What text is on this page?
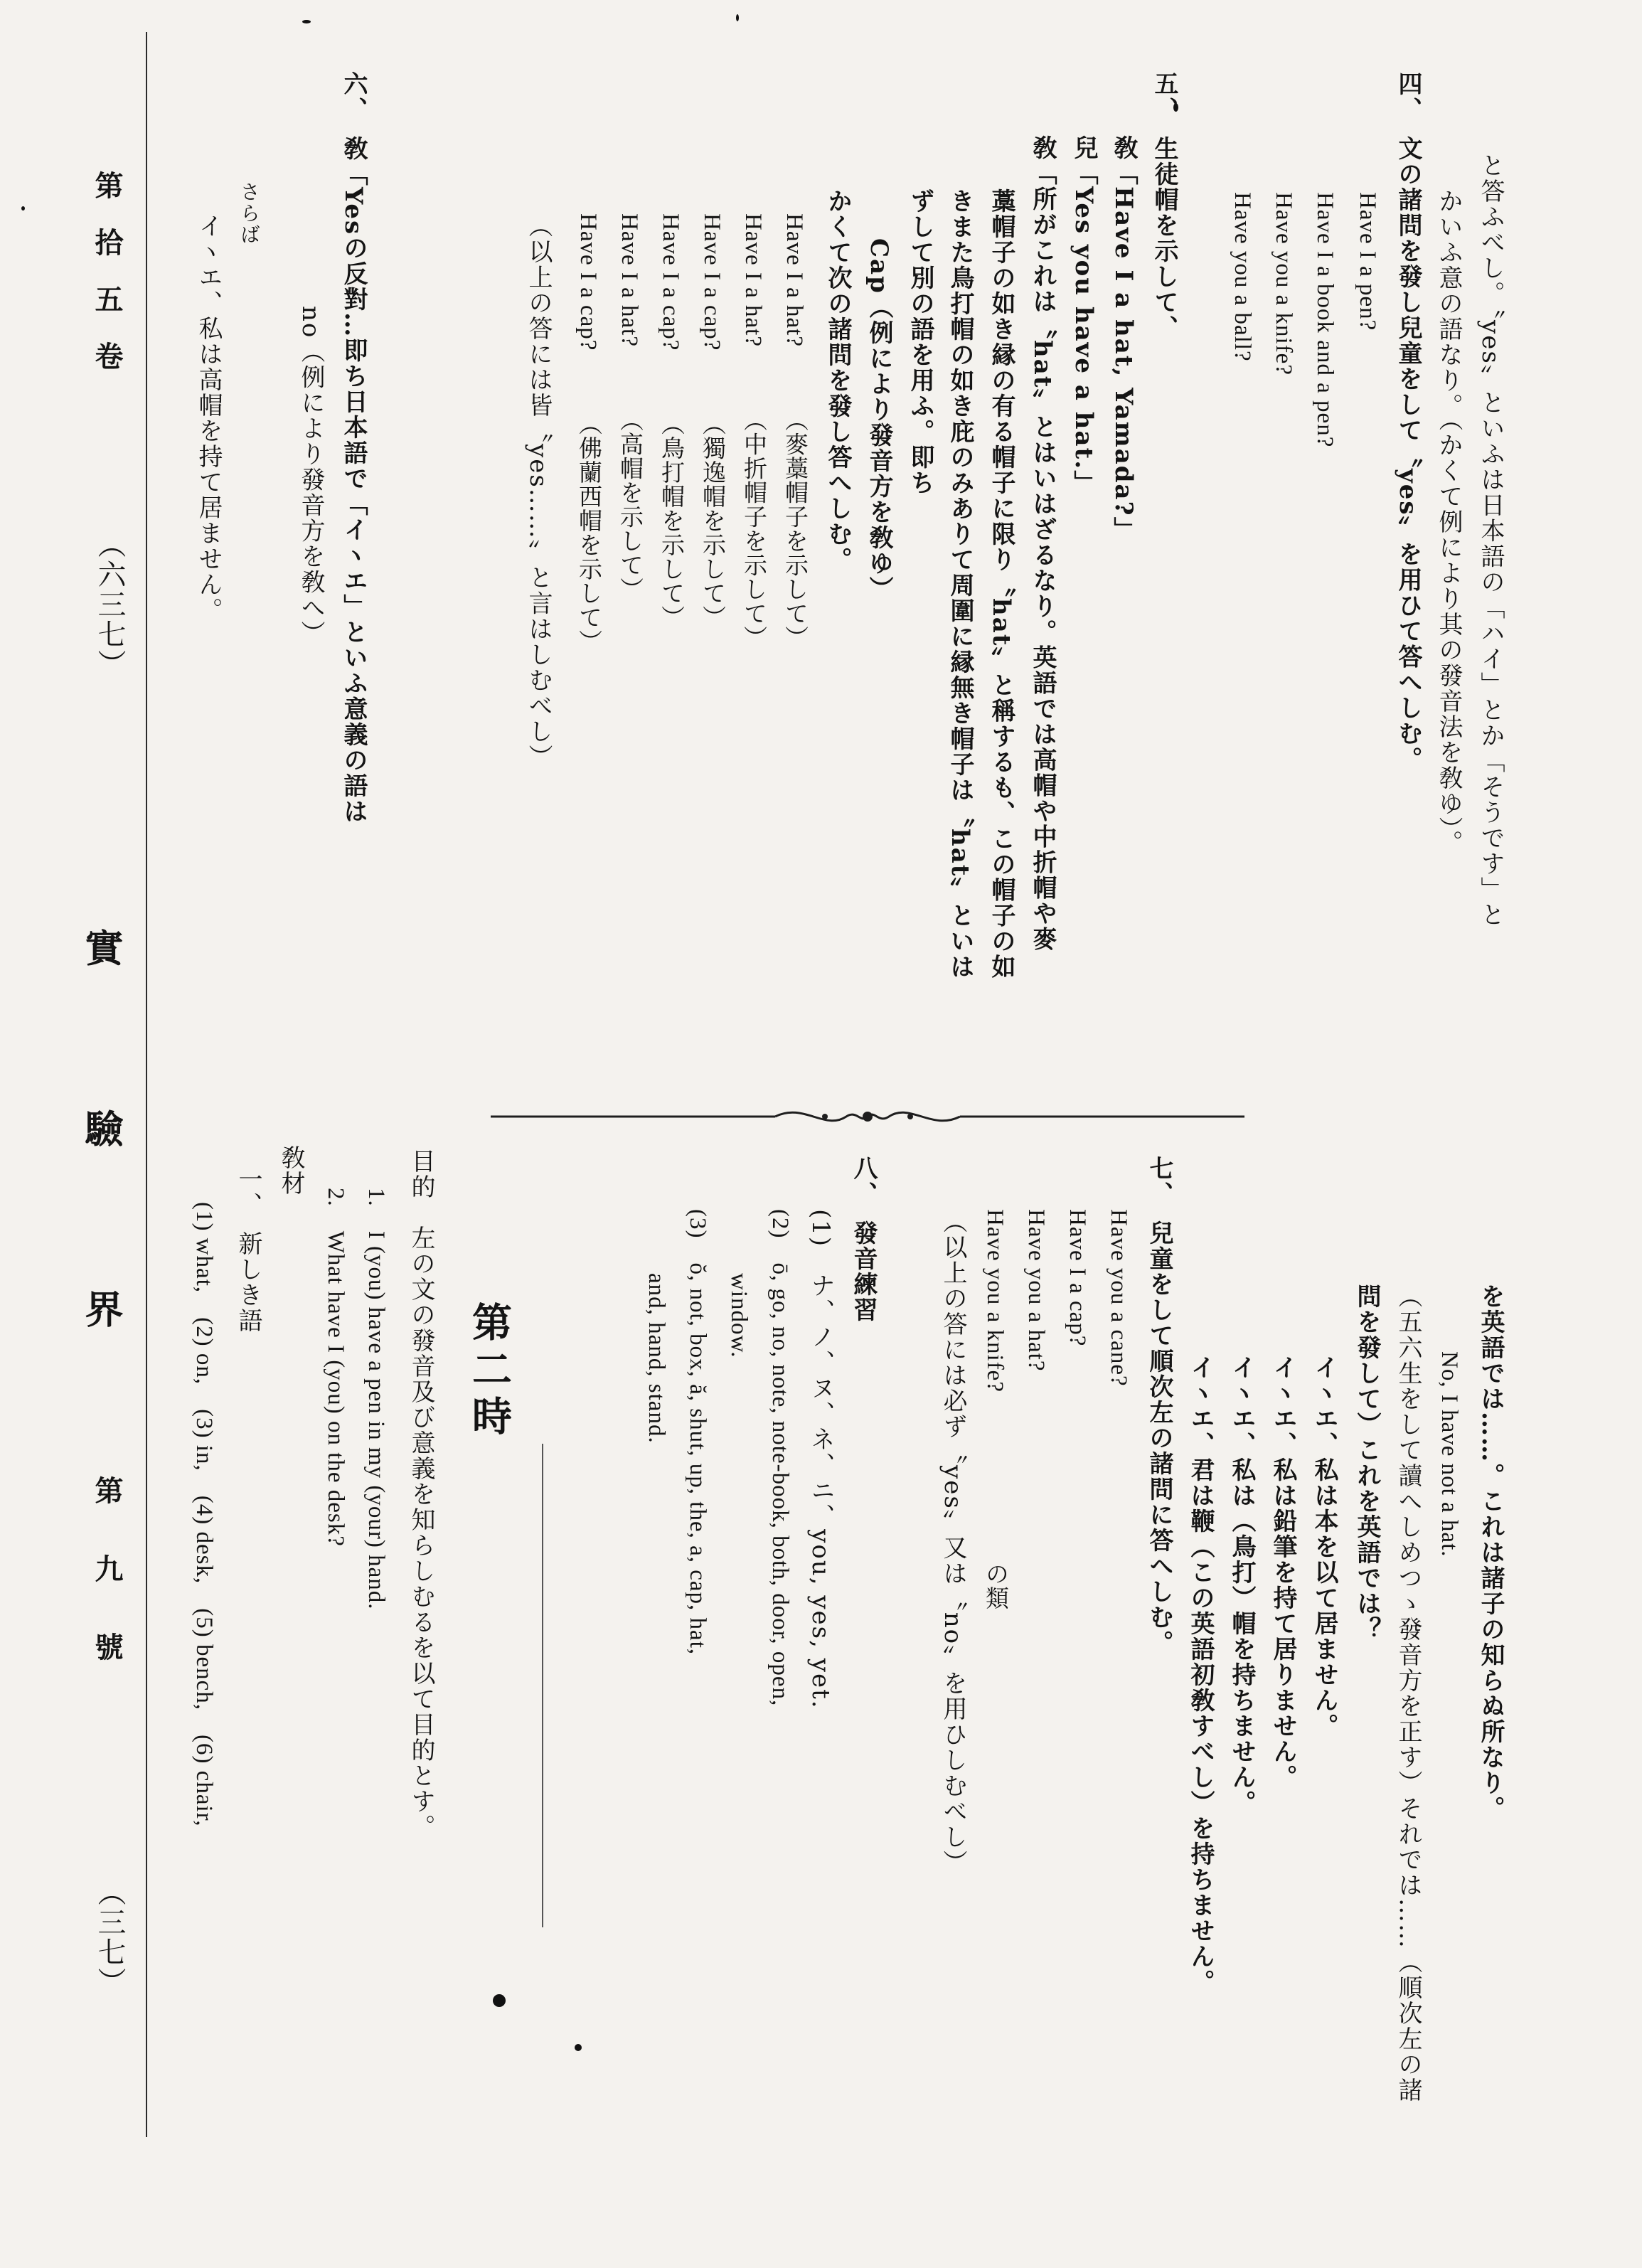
第拾五卷
（六三七）
實驗界
第九號
（三七）
と答ふべし。〝yes〟といふは日本語の「ハイ」とか「そうです」と
かいふ意の語なり。（かくて例により其の發音法を敎ゆ）。
四、　文の諸問を發し兒童をして〝yes〟を用ひて答へしむ。
Have I a pen?
Have I a book and a pen?
Have you a knife?
Have you a ball?
五、　生徒帽を示して、
敎「Have I a hat, Yamada?」
兒「Yes you have a hat.」
敎「所がこれは〝hat〟とはいはざるなり。英語では高帽や中折帽や麥
藁帽子の如き縁の有る帽子に限り〝hat〟と稱するも、この帽子の如
きまた鳥打帽の如き庇のみありて周圍に縁無き帽子は〝hat〟といは
ずして別の語を用ふ。即ち
Cap（例により發音方を敎ゆ）
かくて次の諸問を發し答へしむ。
Have I a hat?　　　（麥藁帽子を示して）
Have I a hat?　　　（中折帽子を示して）
Have I a cap?　　　（獨逸帽を示して）
Have I a cap?　　　（鳥打帽を示して）
Have I a hat?　　　（高帽を示して）
Have I a cap?　　　（佛蘭西帽を示して）
（以上の答には皆〝yes……〟と言はしむべし）
六、　敎「Yesの反對…即ち日本語で「イヽエ」といふ意義の語は
no（例により發音方を敎へ）
さらば
イヽエ、私は高帽を持て居ません。
を英語では……。これは諸子の知らぬ所なり。
No, I have not a hat.
（五六生をして讀へしめつゝ發音方を正す）それでは……（順次左の諸
問を發して）これを英語では？
イヽエ、私は本を以て居ません。
イヽエ、私は鉛筆を持て居りません。
イヽエ、私は（鳥打）帽を持ちません。
イヽエ、君は鞭（この英語初敎すべし）を持ちません。
七、　兒童をして順次左の諸問に答へしむ。
Have you a cane?
Have I a cap?
Have you a hat?
Have you a knife?　　　　　　　の類
（以上の答には必ず〝yes〟又は〝no〟を用ひしむべし）
八、　發音練習
(1)　ナ、ノ、ヌ、ネ、ニ、you, yes, yet.
(2)　ō, go, no, note, note-book, both, door, open,
window.
(3)　ŏ, not, box, ă, shut, up, the, a, cap, hat,
and, hand, stand.
第二時
目的　左の文の發音及び意義を知らしむるを以て目的とす。
1.　I (you) have a pen in my (your) hand.
2.　What have I (you) on the desk?
敎材
一、　新しき語
(1) what,　(2) on,　(3) in,　(4) desk,　(5) bench,　(6) chair,
